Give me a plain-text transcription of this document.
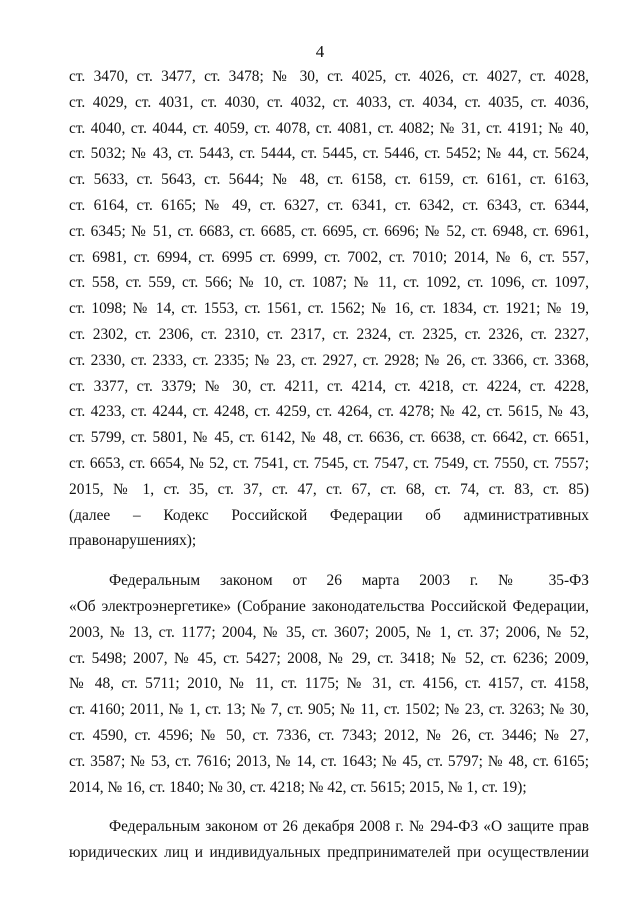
4
ст. 3470, ст. 3477, ст. 3478; № 30, ст. 4025, ст. 4026, ст. 4027, ст. 4028,
ст. 4029, ст. 4031, ст. 4030, ст. 4032, ст. 4033, ст. 4034, ст. 4035, ст. 4036,
ст. 4040, ст. 4044, ст. 4059, ст. 4078, ст. 4081, ст. 4082; № 31, ст. 4191; № 40,
ст. 5032; № 43, ст. 5443, ст. 5444, ст. 5445, ст. 5446, ст. 5452; № 44, ст. 5624,
ст. 5633, ст. 5643, ст. 5644; № 48, ст. 6158, ст. 6159, ст. 6161, ст. 6163,
ст. 6164, ст. 6165; № 49, ст. 6327, ст. 6341, ст. 6342, ст. 6343, ст. 6344,
ст. 6345; № 51, ст. 6683, ст. 6685, ст. 6695, ст. 6696; № 52, ст. 6948, ст. 6961,
ст. 6981, ст. 6994, ст. 6995 ст. 6999, ст. 7002, ст. 7010; 2014, № 6, ст. 557,
ст. 558, ст. 559, ст. 566; № 10, ст. 1087; № 11, ст. 1092, ст. 1096, ст. 1097,
ст. 1098; № 14, ст. 1553, ст. 1561, ст. 1562; № 16, ст. 1834, ст. 1921; № 19,
ст. 2302, ст. 2306, ст. 2310, ст. 2317, ст. 2324, ст. 2325, ст. 2326, ст. 2327,
ст. 2330, ст. 2333, ст. 2335; № 23, ст. 2927, ст. 2928; № 26, ст. 3366, ст. 3368,
ст. 3377, ст. 3379; № 30, ст. 4211, ст. 4214, ст. 4218, ст. 4224, ст. 4228,
ст. 4233, ст. 4244, ст. 4248, ст. 4259, ст. 4264, ст. 4278; № 42, ст. 5615, № 43,
ст. 5799, ст. 5801, № 45, ст. 6142, № 48, ст. 6636, ст. 6638, ст. 6642, ст. 6651,
ст. 6653, ст. 6654, № 52, ст. 7541, ст. 7545, ст. 7547, ст. 7549, ст. 7550, ст. 7557;
2015, № 1, ст. 35, ст. 37, ст. 47, ст. 67, ст. 68, ст. 74, ст. 83, ст. 85)
(далее – Кодекс Российской Федерации об административных
правонарушениях);
Федеральным законом от 26 марта 2003 г. № 35-ФЗ
«Об электроэнергетике» (Собрание законодательства Российской Федерации,
2003, № 13, ст. 1177; 2004, № 35, ст. 3607; 2005, № 1, ст. 37; 2006, № 52,
ст. 5498; 2007, № 45, ст. 5427; 2008, № 29, ст. 3418; № 52, ст. 6236; 2009,
№ 48, ст. 5711; 2010, № 11, ст. 1175; № 31, ст. 4156, ст. 4157, ст. 4158,
ст. 4160; 2011, № 1, ст. 13; № 7, ст. 905; № 11, ст. 1502; № 23, ст. 3263; № 30,
ст. 4590, ст. 4596; № 50, ст. 7336, ст. 7343; 2012, № 26, ст. 3446; № 27,
ст. 3587; № 53, ст. 7616; 2013, № 14, ст. 1643; № 45, ст. 5797; № 48, ст. 6165;
2014, № 16, ст. 1840; № 30, ст. 4218; № 42, ст. 5615; 2015, № 1, ст. 19);
Федеральным законом от 26 декабря 2008 г. № 294-ФЗ «О защите прав
юридических лиц и индивидуальных предпринимателей при осуществлении
